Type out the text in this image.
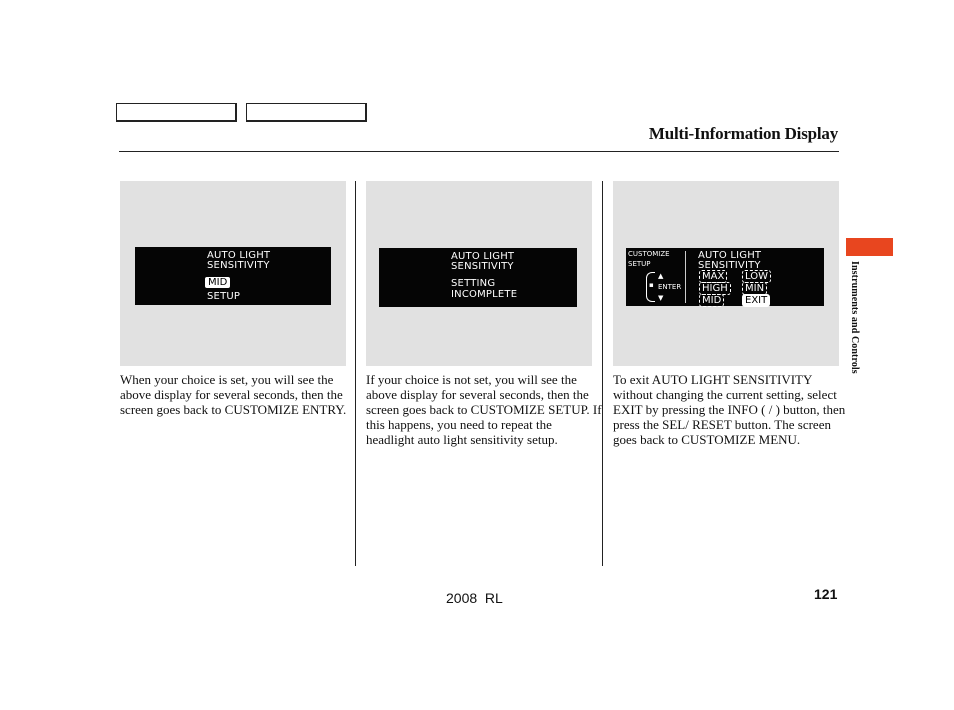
Multi-Information Display
Instruments and Controls
AUTO LIGHT
SENSITIVITY
MID
SETUP
AUTO LIGHT
SENSITIVITY
SETTING
INCOMPLETE
CUSTOMIZE
SETUP
▪
▲
ENTER
▼
AUTO LIGHT
SENSITIVITY
MAX	LOW
HIGH	MIN
MID	EXIT
When your choice is set, you will see the above display for several seconds, then the screen goes back to CUSTOMIZE ENTRY.
If your choice is not set, you will see the above display for several seconds, then the screen goes back to CUSTOMIZE SETUP. If this happens, you need to repeat the headlight auto light sensitivity setup.
To exit AUTO LIGHT SENSITIVITY without changing the current setting, select EXIT by pressing the INFO ( / ) button, then press the SEL/ RESET button. The screen goes back to CUSTOMIZE MENU.
2008  RL	121
